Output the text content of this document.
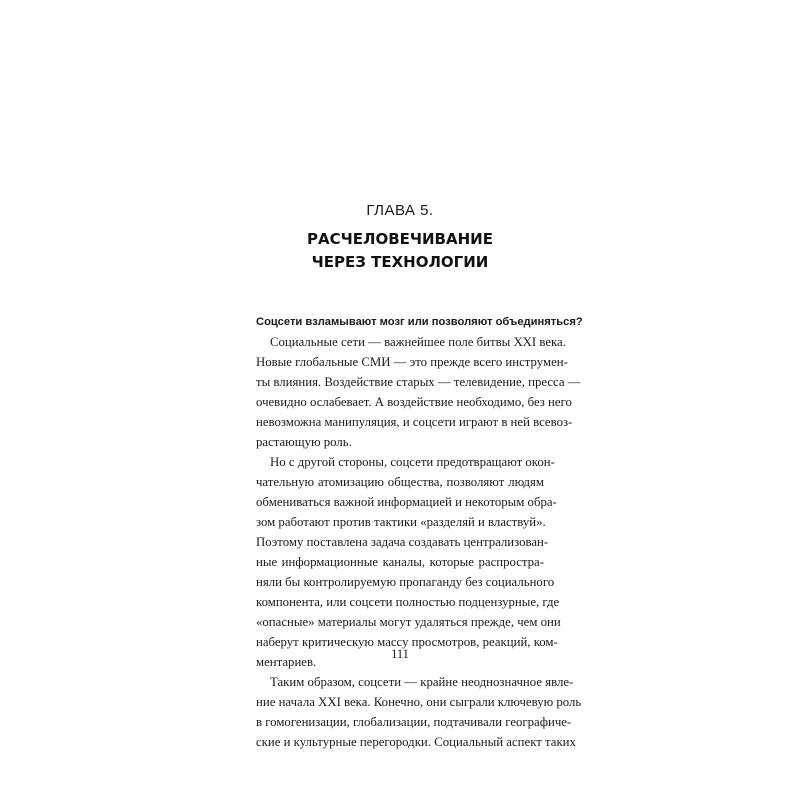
ГЛАВА 5.
РАСЧЕЛОВЕЧИВАНИЕ
ЧЕРЕЗ ТЕХНОЛОГИИ
Соцсети взламывают мозг или позволяют объединяться?
Социальные сети — важнейшее поле битвы XXI века.
Новые глобальные СМИ — это прежде всего инструмен-
ты влияния. Воздействие старых — телевидение, пресса —
очевидно ослабевает. А воздействие необходимо, без него
невозможна манипуляция, и соцсети играют в ней всевоз-
растающую роль.
Но с другой стороны, соцсети предотвращают окон-
чательную атомизацию общества, позволяют людям
обмениваться важной информацией и некоторым обра-
зом работают против тактики «разделяй и властвуй».
Поэтому поставлена задача создавать централизован-
ные информационные каналы, которые распростра-
няли бы контролируемую пропаганду без социального
компонента, или соцсети полностью подцензурные, где
«опасные» материалы могут удаляться прежде, чем они
наберут критическую массу просмотров, реакций, ком-
ментариев.
Таким образом, соцсети — крайне неоднозначное явле-
ние начала XXI века. Конечно, они сыграли ключевую роль
в гомогенизации, глобализации, подтачивали географиче-
ские и культурные перегородки. Социальный аспект таких
111
